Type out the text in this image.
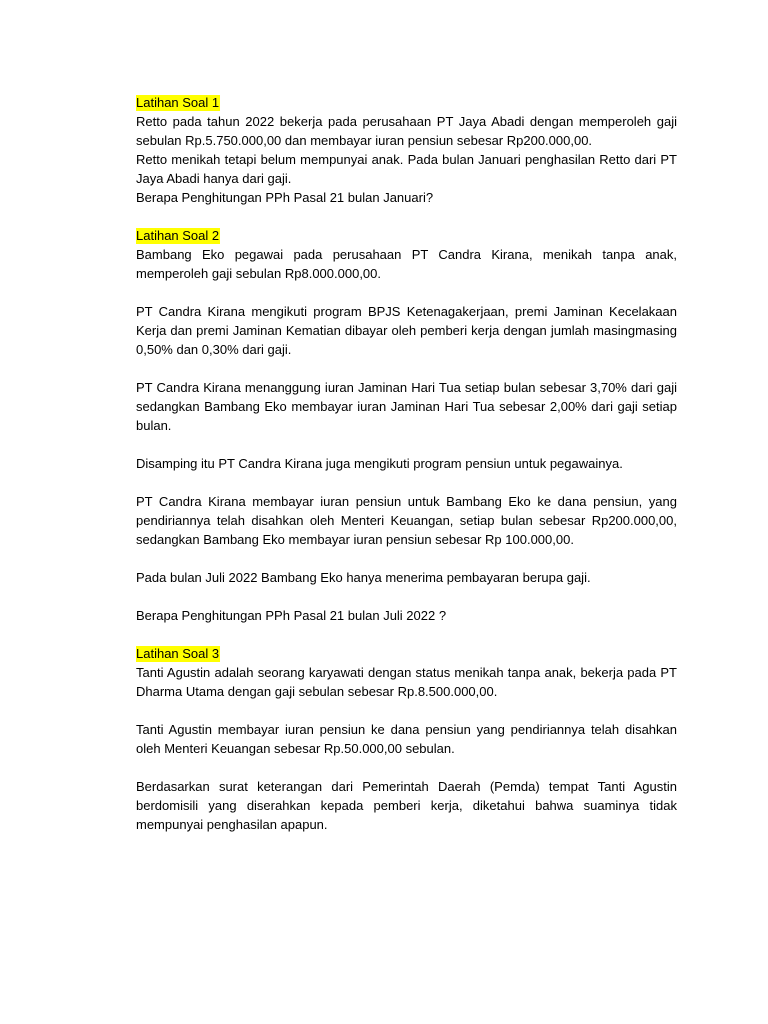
Latihan Soal 1

Retto pada tahun 2022 bekerja pada perusahaan PT Jaya Abadi dengan memperoleh gaji sebulan Rp.5.750.000,00 dan membayar iuran pensiun sebesar Rp200.000,00.

Retto menikah tetapi belum mempunyai anak. Pada bulan Januari penghasilan Retto dari PT Jaya Abadi hanya dari gaji.

Berapa Penghitungan PPh Pasal 21 bulan Januari?

Latihan Soal 2

Bambang Eko pegawai pada perusahaan PT Candra Kirana, menikah tanpa anak, memperoleh gaji sebulan Rp8.000.000,00.

PT Candra Kirana mengikuti program BPJS Ketenagakerjaan, premi Jaminan Kecelakaan Kerja dan premi Jaminan Kematian dibayar oleh pemberi kerja dengan jumlah masingmasing 0,50% dan 0,30% dari gaji.

PT Candra Kirana menanggung iuran Jaminan Hari Tua setiap bulan sebesar 3,70% dari gaji sedangkan Bambang Eko membayar iuran Jaminan Hari Tua sebesar 2,00% dari gaji setiap bulan.

Disamping itu PT Candra Kirana juga mengikuti program pensiun untuk pegawainya.

PT Candra Kirana membayar iuran pensiun untuk Bambang Eko ke dana pensiun, yang pendiriannya telah disahkan oleh Menteri Keuangan, setiap bulan sebesar Rp200.000,00, sedangkan Bambang Eko membayar iuran pensiun sebesar Rp 100.000,00.

Pada bulan Juli 2022 Bambang Eko hanya menerima pembayaran berupa gaji.

Berapa Penghitungan PPh Pasal 21 bulan Juli 2022 ?

Latihan Soal 3

Tanti Agustin adalah seorang karyawati dengan status menikah tanpa anak, bekerja pada PT Dharma Utama dengan gaji sebulan sebesar Rp.8.500.000,00.

Tanti Agustin membayar iuran pensiun ke dana pensiun yang pendiriannya telah disahkan oleh Menteri Keuangan sebesar Rp.50.000,00 sebulan.

Berdasarkan surat keterangan dari Pemerintah Daerah (Pemda) tempat Tanti Agustin berdomisili yang diserahkan kepada pemberi kerja, diketahui bahwa suaminya tidak mempunyai penghasilan apapun.
